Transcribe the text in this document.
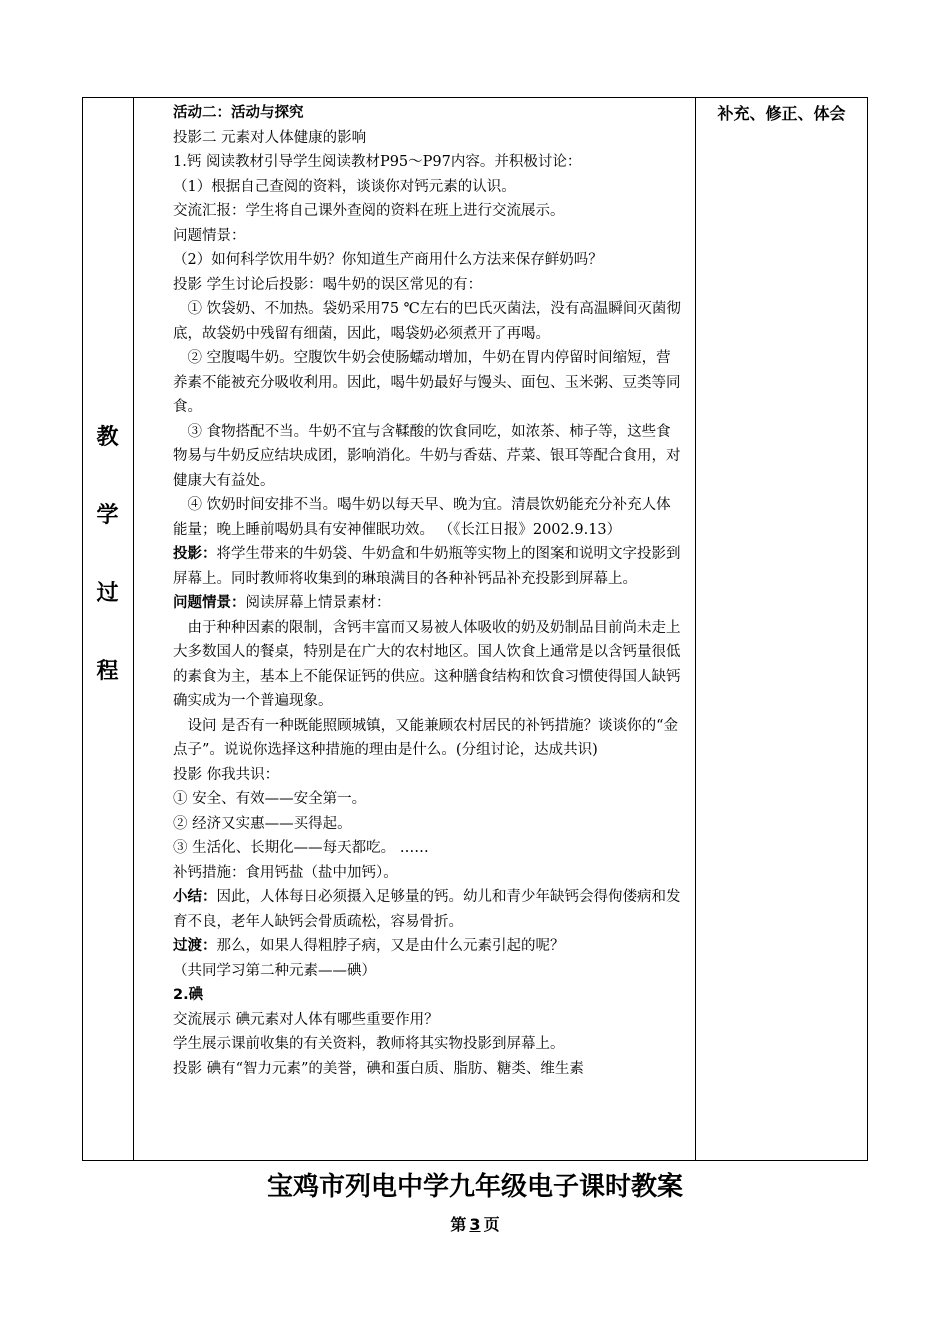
教
学
过
程
补充、修正、体会

活动二：活动与探究

投影二 元素对人体健康的影响

1.钙 阅读教材引导学生阅读教材P95～P97内容。并积极讨论：

（1）根据自己查阅的资料，谈谈你对钙元素的认识。

交流汇报：学生将自己课外查阅的资料在班上进行交流展示。

问题情景：

（2）如何科学饮用牛奶？你知道生产商用什么方法来保存鲜奶吗？

投影 学生讨论后投影：喝牛奶的误区常见的有：

① 饮袋奶、不加热。袋奶采用75 ℃左右的巴氏灭菌法，没有高温瞬间灭菌彻底，故袋奶中残留有细菌，因此，喝袋奶必须煮开了再喝。

② 空腹喝牛奶。空腹饮牛奶会使肠蠕动增加，牛奶在胃内停留时间缩短，营养素不能被充分吸收利用。因此，喝牛奶最好与馒头、面包、玉米粥、豆类等同食。

③ 食物搭配不当。牛奶不宜与含鞣酸的饮食同吃，如浓茶、柿子等，这些食物易与牛奶反应结块成团，影响消化。牛奶与香菇、芹菜、银耳等配合食用，对健康大有益处。

④ 饮奶时间安排不当。喝牛奶以每天早、晚为宜。清晨饮奶能充分补充人体能量；晚上睡前喝奶具有安神催眠功效。 （《长江日报》2002.9.13）

投影：将学生带来的牛奶袋、牛奶盒和牛奶瓶等实物上的图案和说明文字投影到屏幕上。同时教师将收集到的琳琅满目的各种补钙品补充投影到屏幕上。

问题情景：阅读屏幕上情景素材：

由于种种因素的限制，含钙丰富而又易被人体吸收的奶及奶制品目前尚未走上大多数国人的餐桌，特别是在广大的农村地区。国人饮食上通常是以含钙量很低的素食为主，基本上不能保证钙的供应。这种膳食结构和饮食习惯使得国人缺钙确实成为一个普遍现象。

设问 是否有一种既能照顾城镇，又能兼顾农村居民的补钙措施？谈谈你的“金点子”。说说你选择这种措施的理由是什么。(分组讨论，达成共识)

投影 你我共识：

① 安全、有效——安全第一。

② 经济又实惠——买得起。

③ 生活化、长期化——每天都吃。 ……

补钙措施：食用钙盐（盐中加钙）。

小结：因此，人体每日必须摄入足够量的钙。幼儿和青少年缺钙会得佝偻病和发育不良，老年人缺钙会骨质疏松，容易骨折。

过渡：那么，如果人得粗脖子病，又是由什么元素引起的呢？

（共同学习第二种元素——碘）

2.碘

交流展示 碘元素对人体有哪些重要作用？

学生展示课前收集的有关资料，教师将其实物投影到屏幕上。

投影 碘有“智力元素”的美誉，碘和蛋白质、脂肪、糖类、维生素

宝鸡市列电中学九年级电子课时教案
第 3 页
